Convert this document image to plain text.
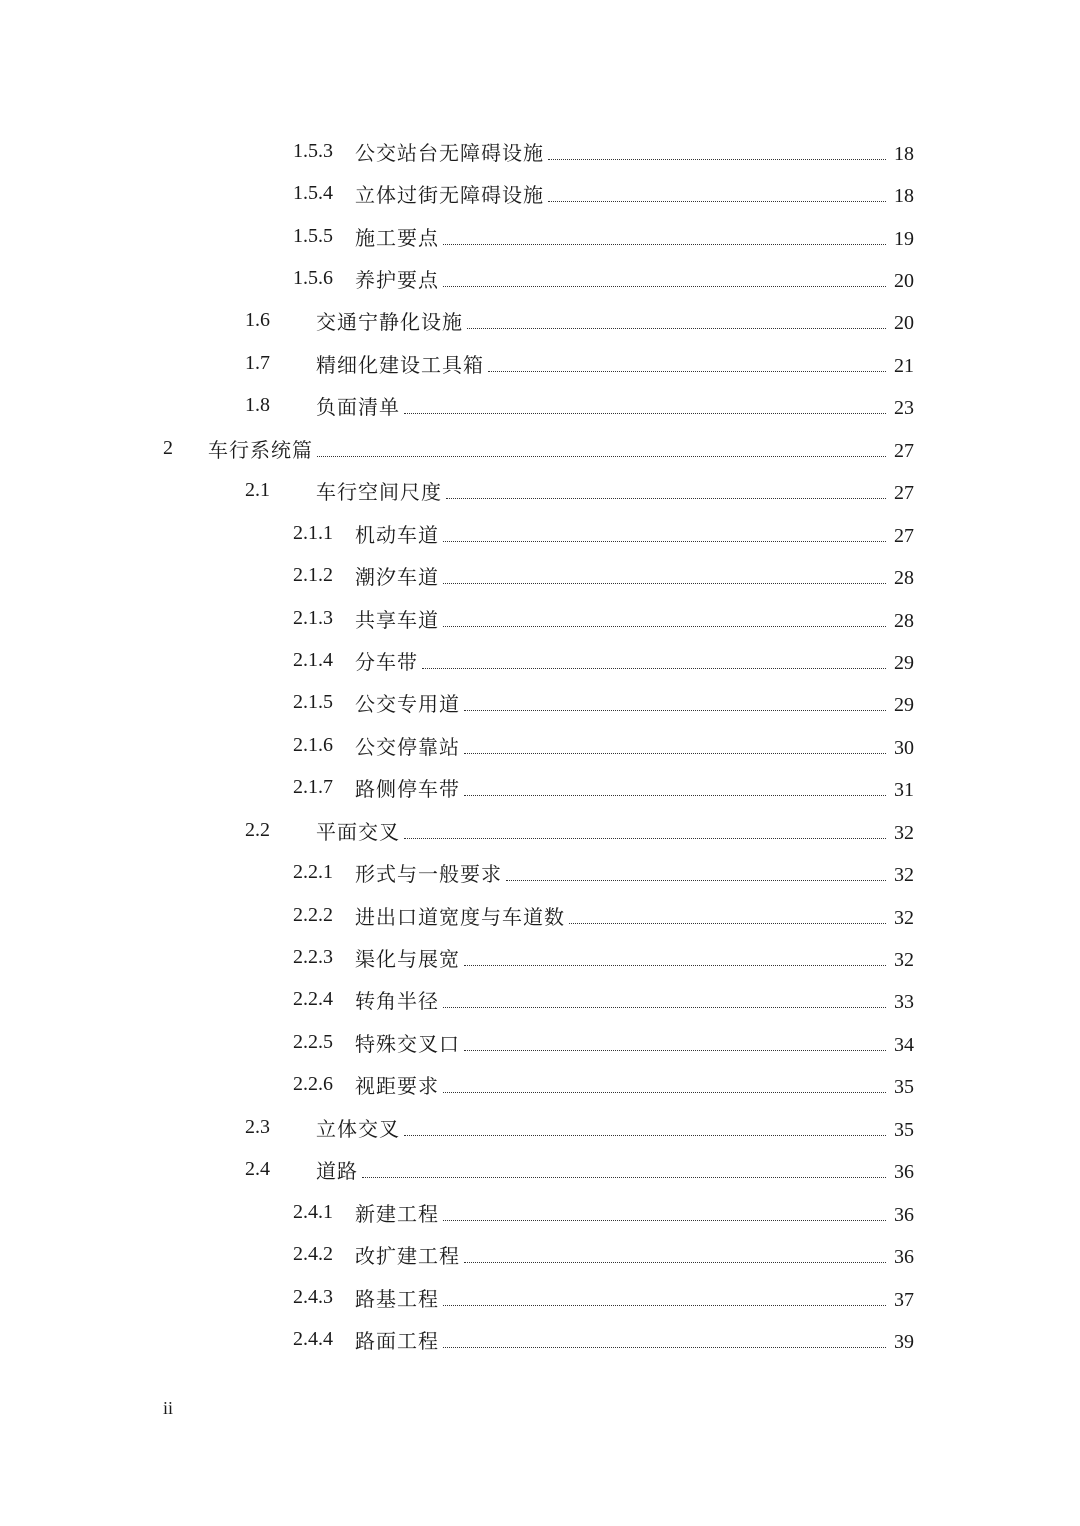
1.5.3 公交站台无障碍设施	18
1.5.4 立体过街无障碍设施	18
1.5.5 施工要点	19
1.5.6 养护要点	20
1.6 交通宁静化设施	20
1.7 精细化建设工具箱	21
1.8 负面清单	23
2 车行系统篇	27
2.1 车行空间尺度	27
2.1.1 机动车道	27
2.1.2 潮汐车道	28
2.1.3 共享车道	28
2.1.4 分车带	29
2.1.5 公交专用道	29
2.1.6 公交停靠站	30
2.1.7 路侧停车带	31
2.2 平面交叉	32
2.2.1 形式与一般要求	32
2.2.2 进出口道宽度与车道数	32
2.2.3 渠化与展宽	32
2.2.4 转角半径	33
2.2.5 特殊交叉口	34
2.2.6 视距要求	35
2.3 立体交叉	35
2.4 道路	36
2.4.1 新建工程	36
2.4.2 改扩建工程	36
2.4.3 路基工程	37
2.4.4 路面工程	39
ii
